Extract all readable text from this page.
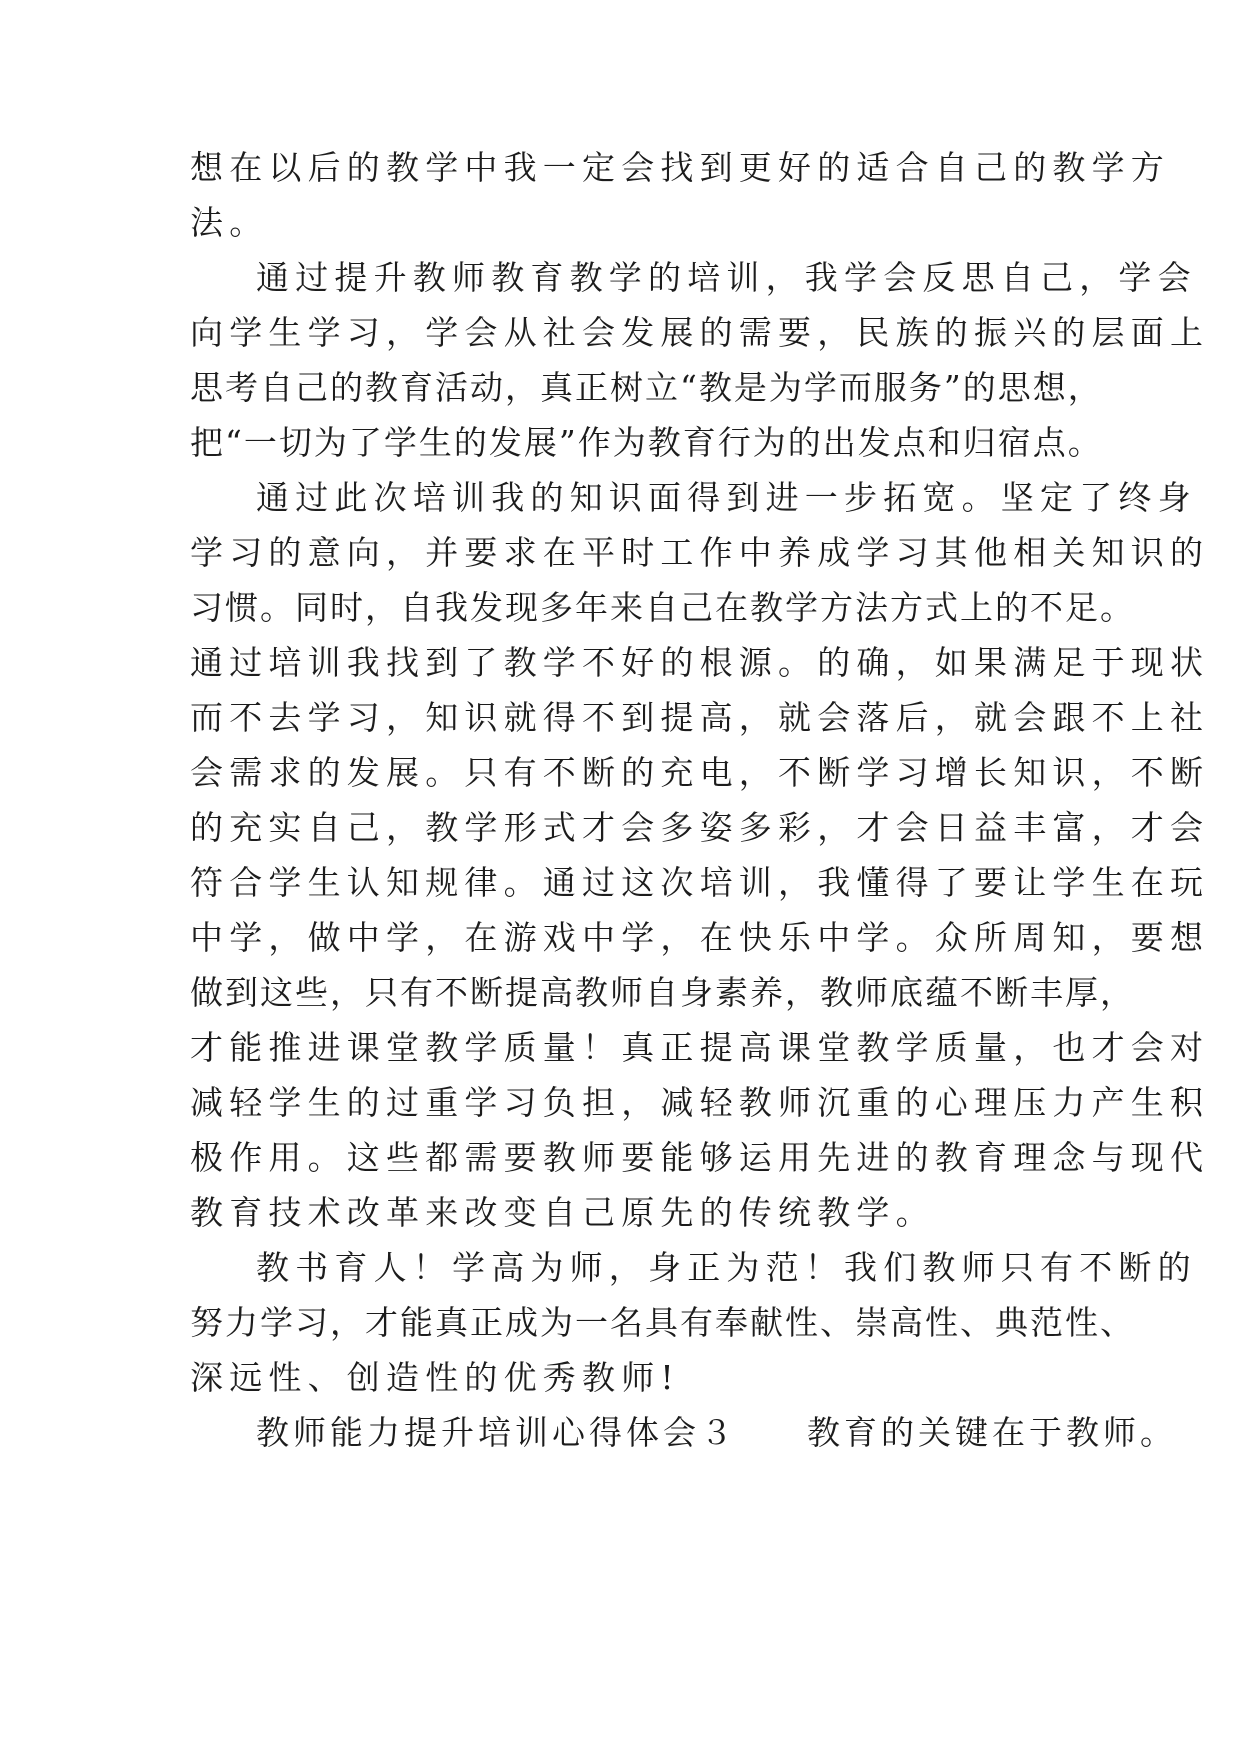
想在以后的教学中我一定会找到更好的适合自己的教学方
法。
通过提升教师教育教学的培训，我学会反思自己，学会
向学生学习，学会从社会发展的需要，民族的振兴的层面上
思考自己的教育活动，真正树立“教是为学而服务”的思想，
把“一切为了学生的发展”作为教育行为的出发点和归宿点。
通过此次培训我的知识面得到进一步拓宽。坚定了终身
学习的意向，并要求在平时工作中养成学习其他相关知识的
习惯。同时，自我发现多年来自己在教学方法方式上的不足。
通过培训我找到了教学不好的根源。的确，如果满足于现状
而不去学习，知识就得不到提高，就会落后，就会跟不上社
会需求的发展。只有不断的充电，不断学习增长知识，不断
的充实自己，教学形式才会多姿多彩，才会日益丰富，才会
符合学生认知规律。通过这次培训，我懂得了要让学生在玩
中学，做中学，在游戏中学，在快乐中学。众所周知，要想
做到这些，只有不断提高教师自身素养，教师底蕴不断丰厚，
才能推进课堂教学质量！真正提高课堂教学质量，也才会对
减轻学生的过重学习负担，减轻教师沉重的心理压力产生积
极作用。这些都需要教师要能够运用先进的教育理念与现代
教育技术改革来改变自己原先的传统教学。
教书育人！学高为师，身正为范！我们教师只有不断的
努力学习，才能真正成为一名具有奉献性、崇高性、典范性、
深远性、创造性的优秀教师!
教师能力提升培训心得体会３ 教育的关键在于教师。
